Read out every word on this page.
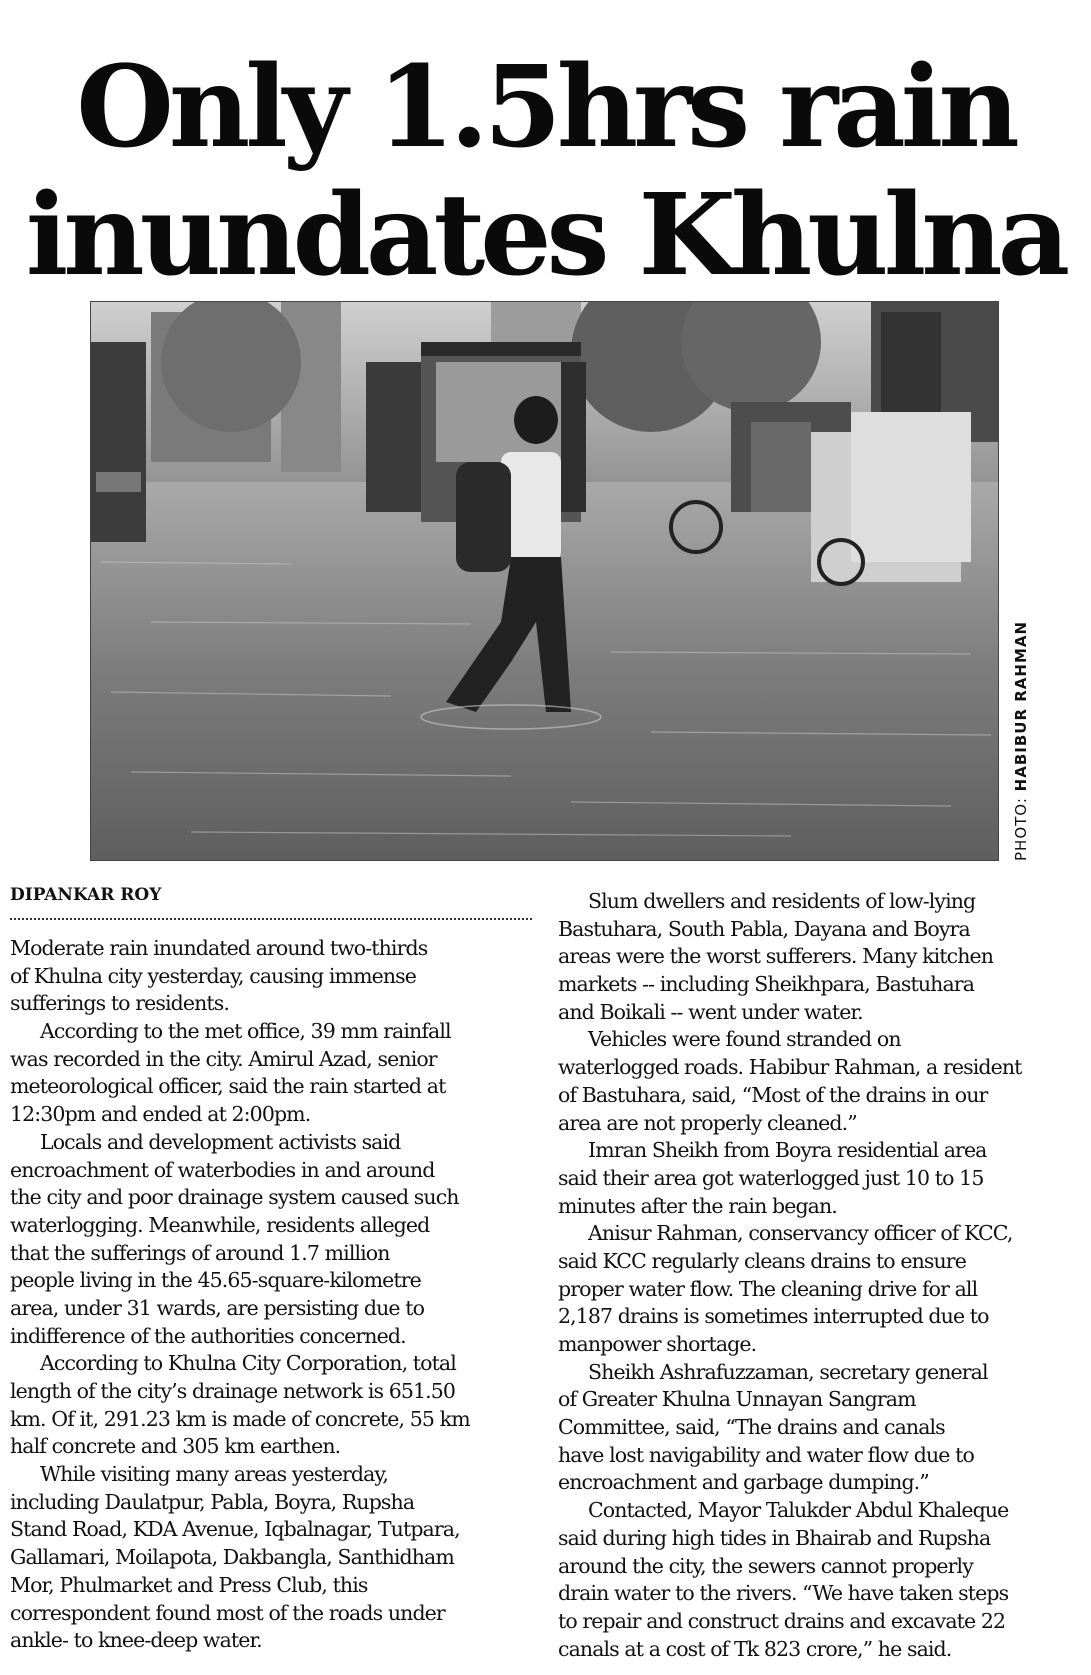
Only 1.5hrs rain
inundates Khulna
PHOTO: HABIBUR RAHMAN
DIPANKAR ROY
Moderate rain inundated around two-thirds
of Khulna city yesterday, causing immense
sufferings to residents.
According to the met office, 39 mm rainfall
was recorded in the city. Amirul Azad, senior
meteorological officer, said the rain started at
12:30pm and ended at 2:00pm.
Locals and development activists said
encroachment of waterbodies in and around
the city and poor drainage system caused such
waterlogging. Meanwhile, residents alleged
that the sufferings of around 1.7 million
people living in the 45.65-square-kilometre
area, under 31 wards, are persisting due to
indifference of the authorities concerned.
According to Khulna City Corporation, total
length of the city’s drainage network is 651.50
km. Of it, 291.23 km is made of concrete, 55 km
half concrete and 305 km earthen.
While visiting many areas yesterday,
including Daulatpur, Pabla, Boyra, Rupsha
Stand Road, KDA Avenue, Iqbalnagar, Tutpara,
Gallamari, Moilapota, Dakbangla, Santhidham
Mor, Phulmarket and Press Club, this
correspondent found most of the roads under
ankle- to knee-deep water.
Slum dwellers and residents of low-lying
Bastuhara, South Pabla, Dayana and Boyra
areas were the worst sufferers. Many kitchen
markets -- including Sheikhpara, Bastuhara
and Boikali -- went under water.
Vehicles were found stranded on
waterlogged roads. Habibur Rahman, a resident
of Bastuhara, said, “Most of the drains in our
area are not properly cleaned.”
Imran Sheikh from Boyra residential area
said their area got waterlogged just 10 to 15
minutes after the rain began.
Anisur Rahman, conservancy officer of KCC,
said KCC regularly cleans drains to ensure
proper water flow. The cleaning drive for all
2,187 drains is sometimes interrupted due to
manpower shortage.
Sheikh Ashrafuzzaman, secretary general
of Greater Khulna Unnayan Sangram
Committee, said, “The drains and canals
have lost navigability and water flow due to
encroachment and garbage dumping.”
Contacted, Mayor Talukder Abdul Khaleque
said during high tides in Bhairab and Rupsha
around the city, the sewers cannot properly
drain water to the rivers. “We have taken steps
to repair and construct drains and excavate 22
canals at a cost of Tk 823 crore,” he said.
